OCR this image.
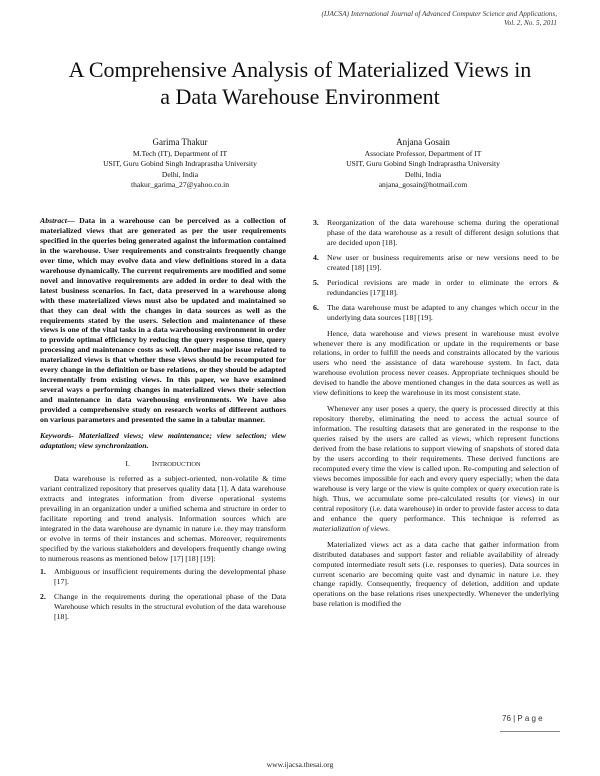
(IJACSA) International Journal of Advanced Computer Science and Applications,
Vol. 2, No. 5, 2011
A Comprehensive Analysis of Materialized Views in
a Data Warehouse Environment
Garima Thakur
M.Tech (IT), Department of IT
USIT, Guru Gobind Singh Indraprastha University
Delhi, India
thakur_garima_27@yahoo.co.in
Anjana Gosain
Associate Professor, Department of IT
USIT, Guru Gobind Singh Indraprastha University
Delhi, India
anjana_gosain@hotmail.com

Abstract— Data in a warehouse can be perceived as a collection of materialized views that are generated as per the user requirements specified in the queries being generated against the information contained in the warehouse. User requirements and constraints frequently change over time, which may evolve data and view definitions stored in a data warehouse dynamically. The current requirements are modified and some novel and innovative requirements are added in order to deal with the latest business scenarios. In fact, data preserved in a warehouse along with these materialized views must also be updated and maintained so that they can deal with the changes in data sources as well as the requirements stated by the users. Selection and maintenance of these views is one of the vital tasks in a data warehousing environment in order to provide optimal efficiency by reducing the query response time, query processing and maintenance costs as well. Another major issue related to materialized views is that whether these views should be recomputed for every change in the definition or base relations, or they should be adapted incrementally from existing views. In this paper, we have examined several ways o performing changes in materialized views their selection and maintenance in data warehousing environments. We have also provided a comprehensive study on research works of different authors on various parameters and presented the same in a tabular manner.

Keywords- Materialized views; view maintenance; view selection; view adaptation; view synchronization.

I.	INTRODUCTION

Data warehouse is referred as a subject-oriented, non-volatile & time variant centralized repository that preserves quality data [1]. A data warehouse extracts and integrates information from diverse operational systems prevailing in an organization under a unified schema and structure in order to facilitate reporting and trend analysis. Information sources which are integrated in the data warehouse are dynamic in nature i.e. they may transform or evolve in terms of their instances and schemas. Moreover, requirements specified by the various stakeholders and developers frequently change owing to numerous reasons as mentioned below [17] [18] [19]:

1. Ambiguous or insufficient requirements during the developmental phase [17].
2. Change in the requirements during the operational phase of the Data Warehouse which results in the structural evolution of the data warehouse [18].
3. Reorganization of the data warehouse schema during the operational phase of the data warehouse as a result of different design solutions that are decided upon [18].
4. New user or business requirements arise or new versions need to be created [18] [19].
5. Periodical revisions are made in order to eliminate the errors & redundancies [17][18].
6. The data warehouse must be adapted to any changes which occur in the underlying data sources [18] [19].

Hence, data warehouse and views present in warehouse must evolve whenever there is any modification or update in the requirements or base relations, in order to fulfill the needs and constraints allocated by the various users who need the assistance of data warehouse system. In fact, data warehouse evolution process never ceases. Appropriate techniques should be devised to handle the above mentioned changes in the data sources as well as view definitions to keep the warehouse in its most consistent state.

Whenever any user poses a query, the query is processed directly at this repository thereby, eliminating the need to access the actual source of information. The resulting datasets that are generated in the response to the queries raised by the users are called as views, which represent functions derived from the base relations to support viewing of snapshots of stored data by the users according to their requirements. These derived functions are recomputed every time the view is called upon. Re-computing and selection of views becomes impossible for each and every query especially; when the data warehouse is very large or the view is quite complex or query execution rate is high. Thus, we accumulate some pre-calculated results (or views) in our central repository (i.e. data warehouse) in order to provide faster access to data and enhance the query performance. This technique is referred as materialization of views.

Materialized views act as a data cache that gather information from distributed databases and support faster and reliable availability of already computed intermediate result sets (i.e. responses to queries). Data sources in current scenario are becoming quite vast and dynamic in nature i.e. they change rapidly. Consequently, frequency of deletion, addition and update operations on the base relations rises unexpectedly. Whenever the underlying base relation is modified the

76 | P a g e
www.ijacsa.thesai.org
